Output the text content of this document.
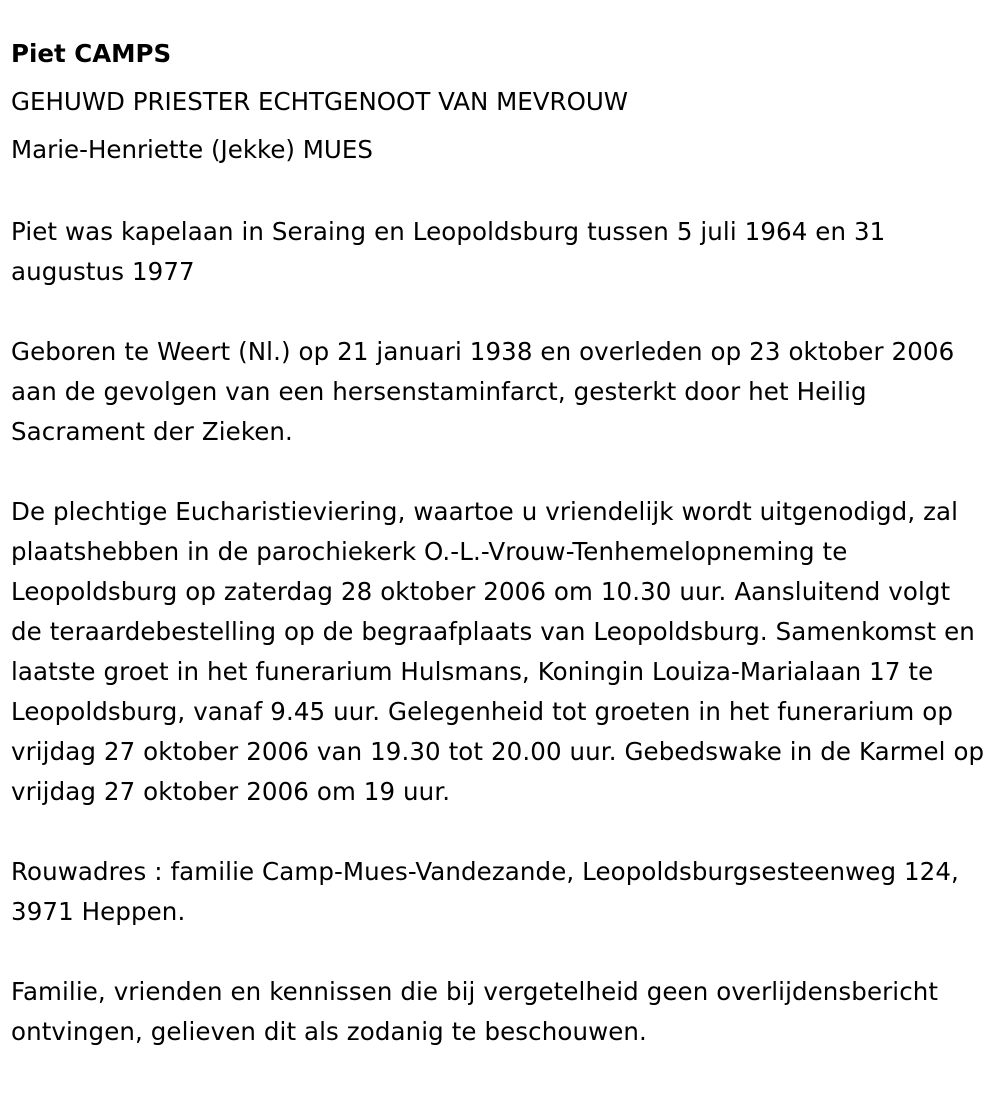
Piet CAMPS
GEHUWD PRIESTER ECHTGENOOT VAN MEVROUW
Marie-Henriette (Jekke) MUES

Piet was kapelaan in Seraing en Leopoldsburg tussen 5 juli 1964 en 31 augustus 1977

Geboren te Weert (Nl.) op 21 januari 1938 en overleden op 23 oktober 2006 aan de gevolgen van een hersenstaminfarct, gesterkt door het Heilig Sacrament der Zieken.

De plechtige Eucharistieviering, waartoe u vriendelijk wordt uitgenodigd, zal plaatshebben in de parochiekerk O.-L.-Vrouw-Tenhemelopneming te Leopoldsburg op zaterdag 28 oktober 2006 om 10.30 uur. Aansluitend volgt de teraardebestelling op de begraafplaats van Leopoldsburg. Samenkomst en laatste groet in het funerarium Hulsmans, Koningin Louiza-Marialaan 17 te Leopoldsburg, vanaf 9.45 uur. Gelegenheid tot groeten in het funerarium op vrijdag 27 oktober 2006 van 19.30 tot 20.00 uur. Gebedswake in de Karmel op vrijdag 27 oktober 2006 om 19 uur.

Rouwadres : familie Camp-Mues-Vandezande, Leopoldsburgsesteenweg 124, 3971 Heppen.

Familie, vrienden en kennissen die bij vergetelheid geen overlijdensbericht ontvingen, gelieven dit als zodanig te beschouwen.
